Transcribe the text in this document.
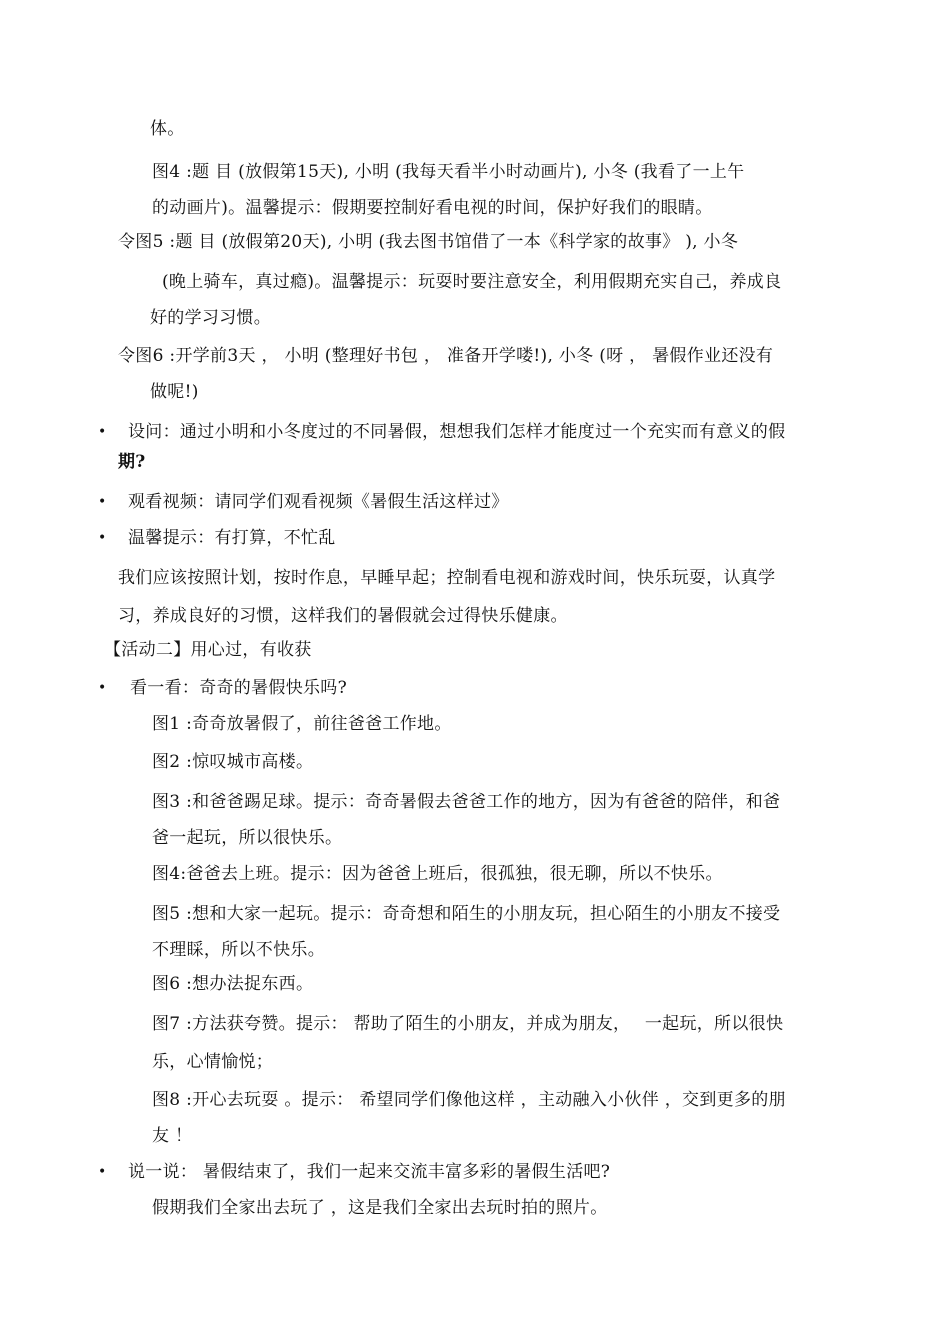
体。
图4 :题 目 (放假第15天), 小明 (我每天看半小时动画片), 小冬 (我看了一上午
的动画片)。温馨提示：假期要控制好看电视的时间，保护好我们的眼睛。
令图5 :题 目 (放假第20天), 小明 (我去图书馆借了一本《科学家的故事》 ), 小冬
(晚上骑车，真过瘾)。温馨提示：玩耍时要注意安全，利用假期充实自己，养成良
好的学习习惯。
令图6 :开学前3天 ， 小明 (整理好书包 ， 准备开学喽!), 小冬 (呀 ， 暑假作业还没有
做呢!)
• 设问：通过小明和小冬度过的不同暑假，想想我们怎样才能度过一个充实而有意义的假
期?
• 观看视频：请同学们观看视频《暑假生活这样过》
• 温馨提示：有打算，不忙乱
我们应该按照计划，按时作息，早睡早起；控制看电视和游戏时间，快乐玩耍，认真学
习，养成良好的习惯，这样我们的暑假就会过得快乐健康。
【活动二】用心过，有收获
• 看一看：奇奇的暑假快乐吗?
图1 :奇奇放暑假了，前往爸爸工作地。
图2 :惊叹城市高楼。
图3 :和爸爸踢足球。提示：奇奇暑假去爸爸工作的地方，因为有爸爸的陪伴，和爸
爸一起玩，所以很快乐。
图4:爸爸去上班。提示：因为爸爸上班后，很孤独，很无聊，所以不快乐。
图5 :想和大家一起玩。提示：奇奇想和陌生的小朋友玩，担心陌生的小朋友不接受
不理睬，所以不快乐。
图6 :想办法捉东西。
图7 :方法获夸赞。提示： 帮助了陌生的小朋友，并成为朋友，　 一起玩，所以很快
乐，心情愉悦；
图8 :开心去玩耍 。提示： 希望同学们像他这样 ，主动融入小伙伴 ，交到更多的朋
友 ！
• 说一说： 暑假结束了，我们一起来交流丰富多彩的暑假生活吧?
假期我们全家出去玩了 ，这是我们全家出去玩时拍的照片。
